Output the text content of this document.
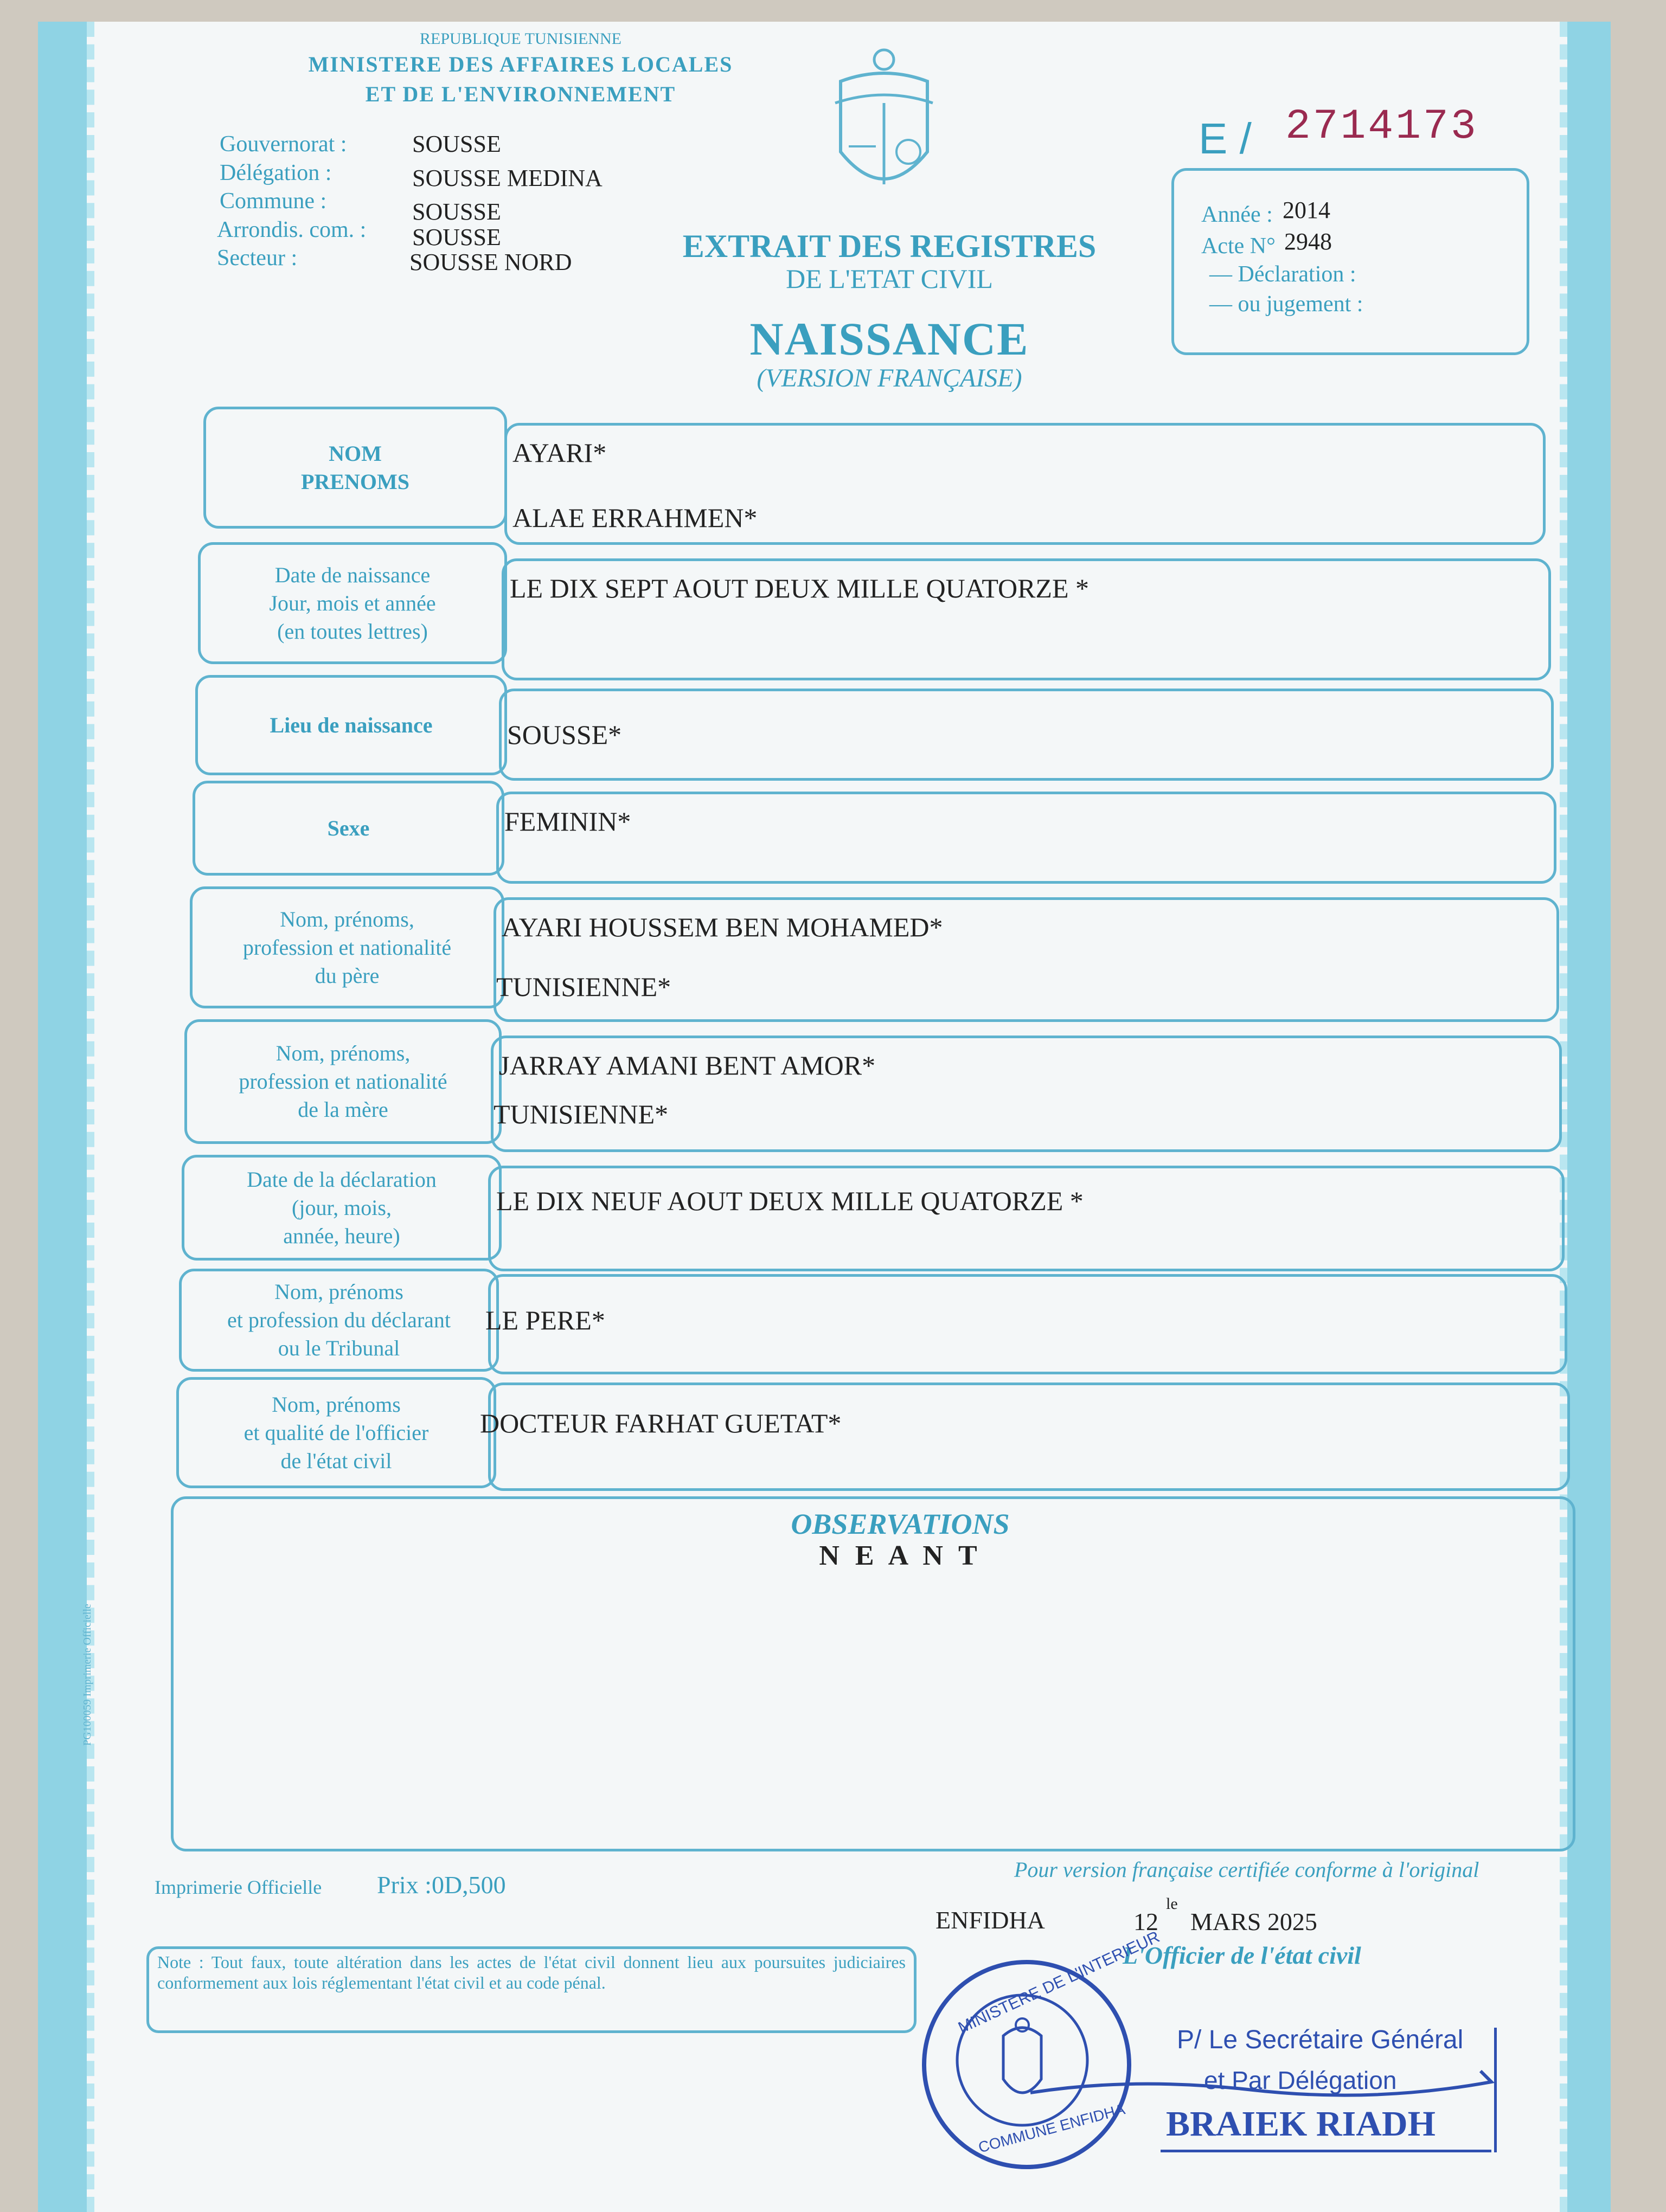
REPUBLIQUE TUNISIENNE
MINISTERE DES AFFAIRES LOCALES
ET DE L'ENVIRONNEMENT
Gouvernorat :	SOUSSE
Délégation :	SOUSSE MEDINA
Commune :	SOUSSE
Arrondis. com. : SOUSSE
Secteur :	SOUSSE NORD
E / 2714173
EXTRAIT DES REGISTRES
DE L'ETAT CIVIL
NAISSANCE
(VERSION FRANÇAISE)
Année : 2014
Acte N° 2948
— Déclaration :
— ou jugement :
NOM
PRENOMS
AYARI*
ALAE ERRAHMEN*
Date de naissance
Jour, mois et année
(en toutes lettres)
LE DIX SEPT AOUT DEUX MILLE QUATORZE *
Lieu de naissance	SOUSSE*
Sexe	FEMININ*
Nom, prénoms,
profession et nationalité
du père
AYARI HOUSSEM BEN MOHAMED*
TUNISIENNE*
Nom, prénoms,
profession et nationalité
de la mère
JARRAY AMANI BENT AMOR*
TUNISIENNE*
Date de la déclaration
(jour, mois,
année, heure)
LE DIX NEUF AOUT DEUX MILLE QUATORZE *
Nom, prénoms
et profession du déclarant
ou le Tribunal
LE PERE*
Nom, prénoms
et qualité de l'officier
de l'état civil
DOCTEUR FARHAT GUETAT*
OBSERVATIONS
N E A N T
PG100059 Imprimerie Officielle
Imprimerie Officielle Prix :0D,500
Pour version française certifiée conforme à l'original
ENFIDHA	12
le
MARS 2025
L'Officier de l'état civil
Note : Tout faux, toute altération dans les actes de l'état civil donnent lieu aux poursuites judiciaires conformement aux lois réglementant l'état civil et au code pénal.	MINISTERE DE L'INTERIEUR
COMMUNE ENFIDHA
P/ Le Secrétaire Général
et Par Délégation
BRAIEK RIADH
